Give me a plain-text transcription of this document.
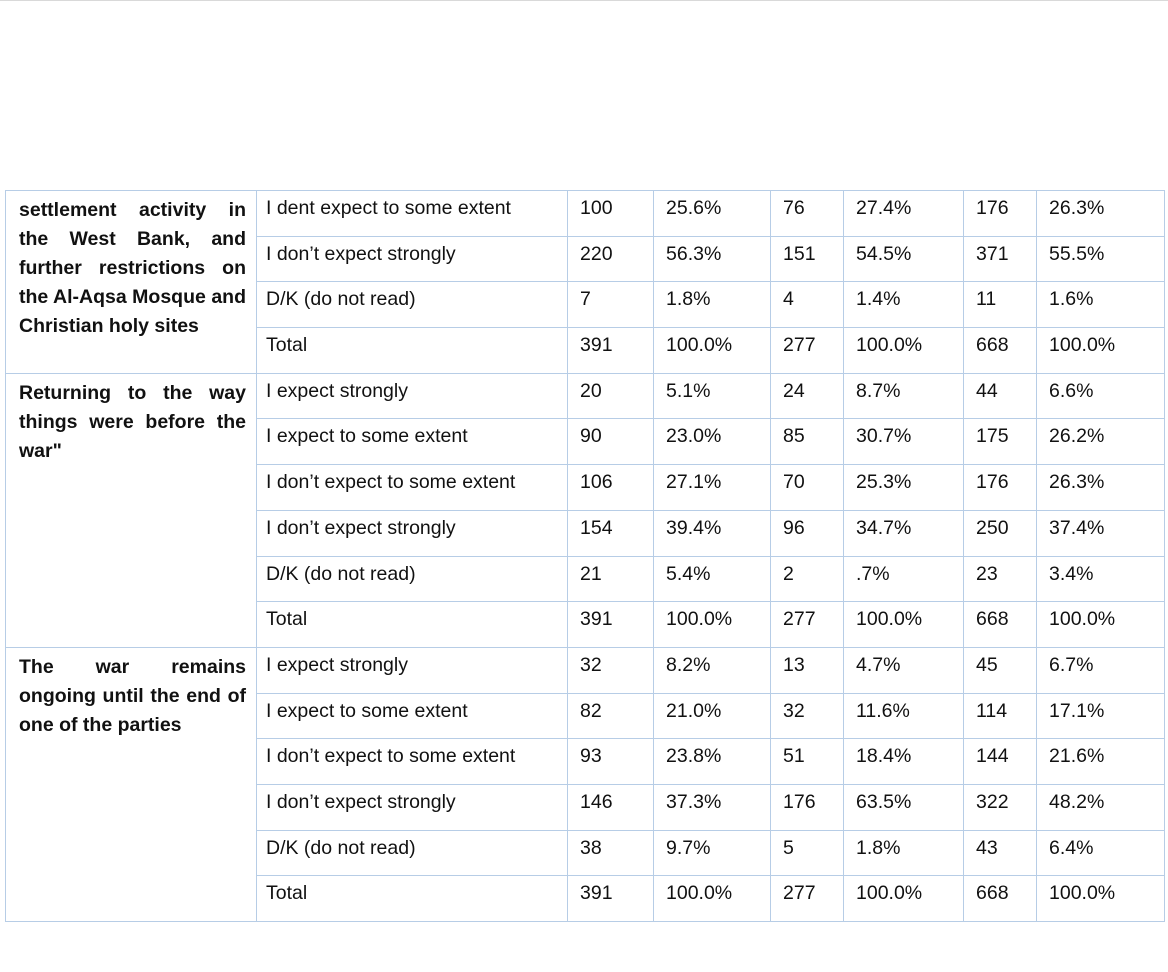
settlement activity in the West Bank, and further restrictions on the Al-Aqsa Mosque and Christian holy sites	I dent expect to some extent	100	25.6%	76	27.4%	176	26.3%
	I don’t expect strongly	220	56.3%	151	54.5%	371	55.5%
	D/K (do not read)	7	1.8%	4	1.4%	11	1.6%
	Total	391	100.0%	277	100.0%	668	100.0%
Returning to the way things were before the war"	I expect strongly	20	5.1%	24	8.7%	44	6.6%
	I expect to some extent	90	23.0%	85	30.7%	175	26.2%
	I don’t expect to some extent	106	27.1%	70	25.3%	176	26.3%
	I don’t expect strongly	154	39.4%	96	34.7%	250	37.4%
	D/K (do not read)	21	5.4%	2	.7%	23	3.4%
	Total	391	100.0%	277	100.0%	668	100.0%
The war remains ongoing until the end of one of the parties	I expect strongly	32	8.2%	13	4.7%	45	6.7%
	I expect to some extent	82	21.0%	32	11.6%	114	17.1%
	I don’t expect to some extent	93	23.8%	51	18.4%	144	21.6%
	I don’t expect strongly	146	37.3%	176	63.5%	322	48.2%
	D/K (do not read)	38	9.7%	5	1.8%	43	6.4%
	Total	391	100.0%	277	100.0%	668	100.0%
